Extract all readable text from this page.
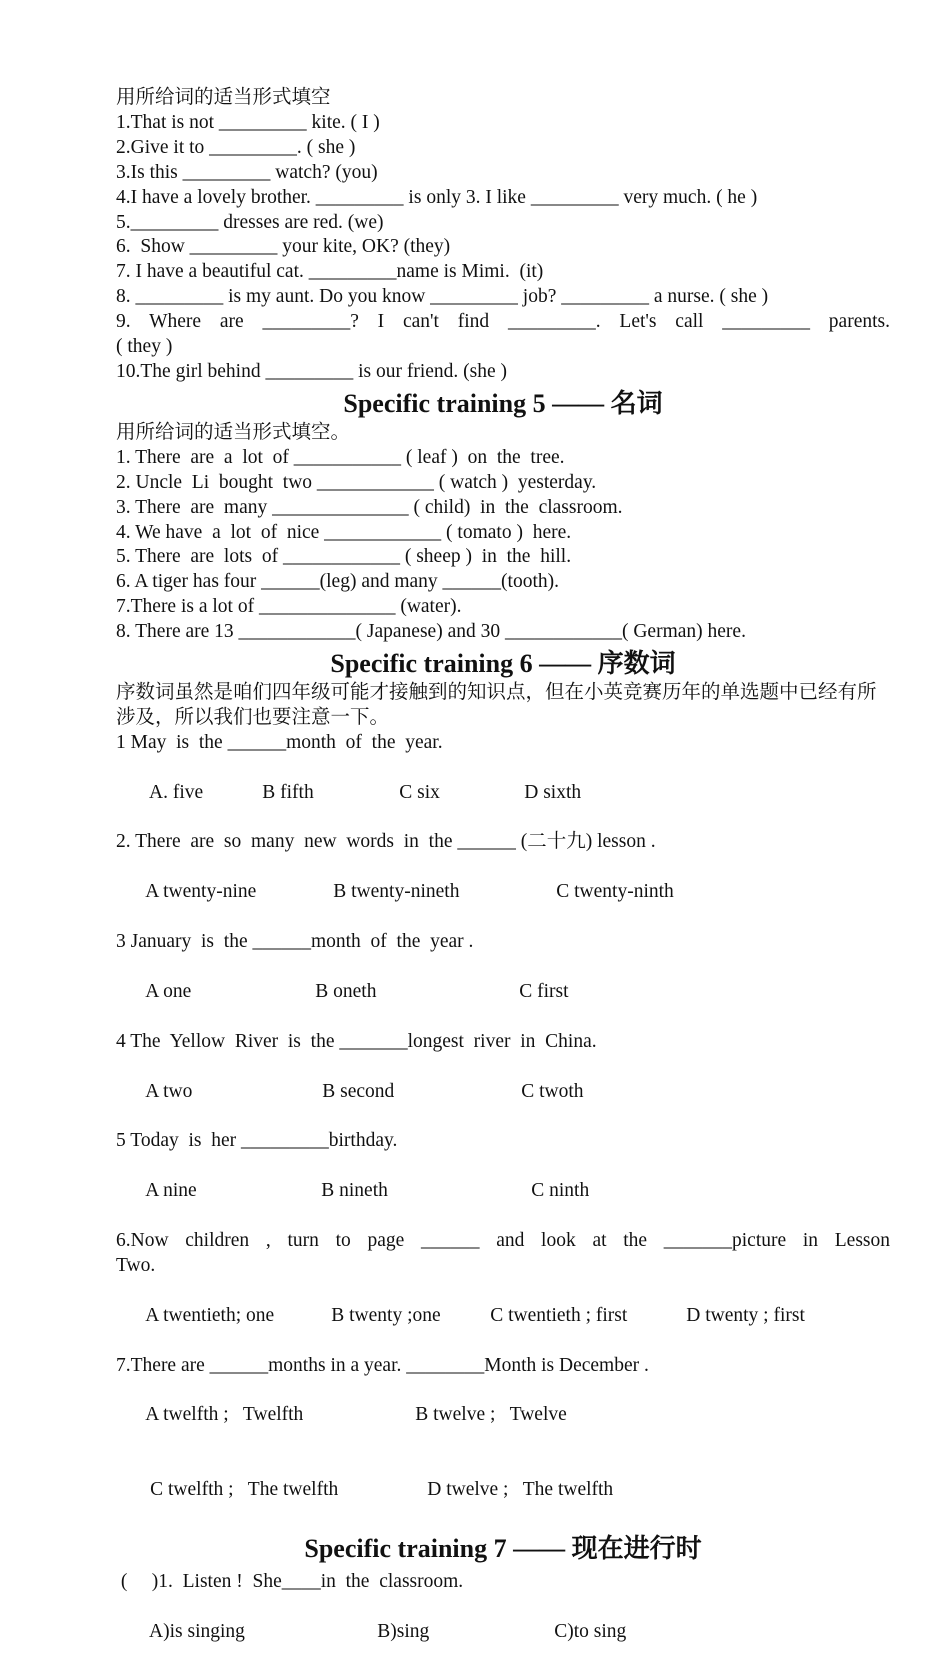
用所给词的适当形式填空
1.That is not _________ kite. ( I )
2.Give it to _________. ( she )
3.Is this _________ watch? (you)
4.I have a lovely brother. _________ is only 3. I like _________ very much. ( he )
5._________ dresses are red. (we)
6.  Show _________ your kite, OK? (they)
7. I have a beautiful cat. _________name is Mimi.  (it)
8. _________ is my aunt. Do you know _________ job? _________ a nurse. ( she )
9. Where are _________? I can't find _________. Let's call _________ parents.
( they )
10.The girl behind _________ is our friend. (she )
Specific training 5 —— 名词
用所给词的适当形式填空。
1. There  are  a  lot  of ___________ ( leaf )  on  the  tree.
2. Uncle  Li  bought  two ____________ ( watch )  yesterday.
3. There  are  many ______________ ( child)  in  the  classroom.
4. We have  a  lot  of  nice ____________ ( tomato )  here.
5. There  are  lots  of ____________ ( sheep )  in  the  hill.
6. A tiger has four ______(leg) and many ______(tooth).
7.There is a lot of ______________ (water).
8. There are 13 ____________( Japanese) and 30 ____________( German) here.
Specific training 6 —— 序数词
序数词虽然是咱们四年级可能才接触到的知识点，但在小英竞赛历年的单选题中已经有所涉及，所以我们也要注意一下。
1 May  is  the ______month  of  the  year.

A. five	B fifth	C six	D sixth

2. There  are  so  many  new  words  in  the ______ (二十九) lesson .

A twenty-nine	B twenty-nineth	C twenty-ninth

3 January  is  the ______month  of  the  year .

A one	B oneth	C first

4 The  Yellow  River  is  the _______longest  river  in  China.

A two	B second	C twoth

5 Today  is  her _________birthday.

A nine	B nineth	C ninth

6.Now children , turn to page ______ and look at the _______picture in Lesson
Two.

A twentieth; one	B twenty ;one	C twentieth ; first	D twenty ; first

7.There are ______months in a year. ________Month is December .

A twelfth ;   Twelfth	B twelve ;   Twelve

C twelfth ;   The twelfth	D twelve ;   The twelfth

Specific training 7 —— 现在进行时
(     )1.  Listen !  She____in  the  classroom.

A)is singing	B)sing	C)to sing
